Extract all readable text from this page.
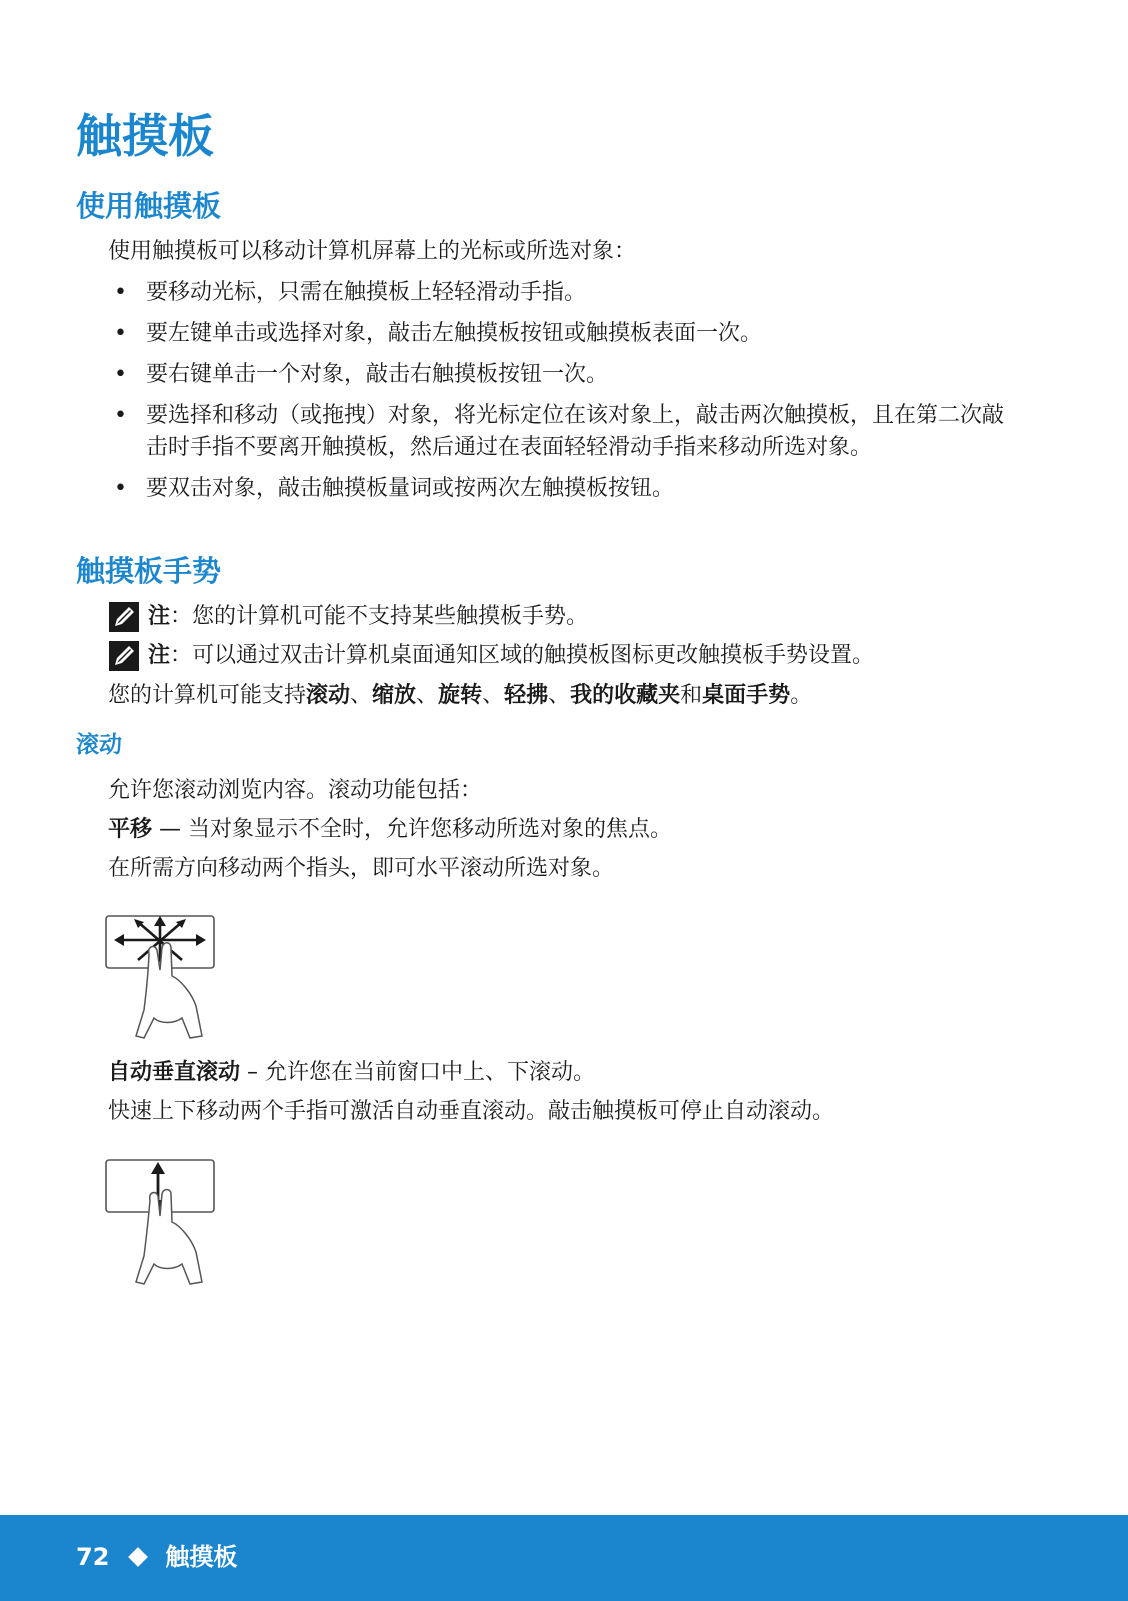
触摸板
使用触摸板

使用触摸板可以移动计算机屏幕上的光标或所选对象：

• 要移动光标，只需在触摸板上轻轻滑动手指。
• 要左键单击或选择对象，敲击左触摸板按钮或触摸板表面一次。
• 要右键单击一个对象，敲击右触摸板按钮一次。
• 要选择和移动（或拖拽）对象，将光标定位在该对象上，敲击两次触摸板，且在第二次敲击时手指不要离开触摸板，然后通过在表面轻轻滑动手指来移动所选对象。
• 要双击对象，敲击触摸板量词或按两次左触摸板按钮。
触摸板手势
注 ： 您的计算机可能不支持某些触摸板手势。
注 ： 可以通过双击计算机桌面通知区域的触摸板图标更改触摸板手势设置。

您的计算机可能支持滚动、缩放、旋转、轻拂、我的收藏夹和桌面手势。

滚动

允许您滚动浏览内容。滚动功能包括：

平移 — 当对象显示不全时，允许您移动所选对象的焦点。

在所需方向移动两个指头，即可水平滚动所选对象。

自动垂直滚动 – 允许您在当前窗口中上、下滚动。

快速上下移动两个手指可激活自动垂直滚动。敲击触摸板可停止自动滚动。

72 触摸板
